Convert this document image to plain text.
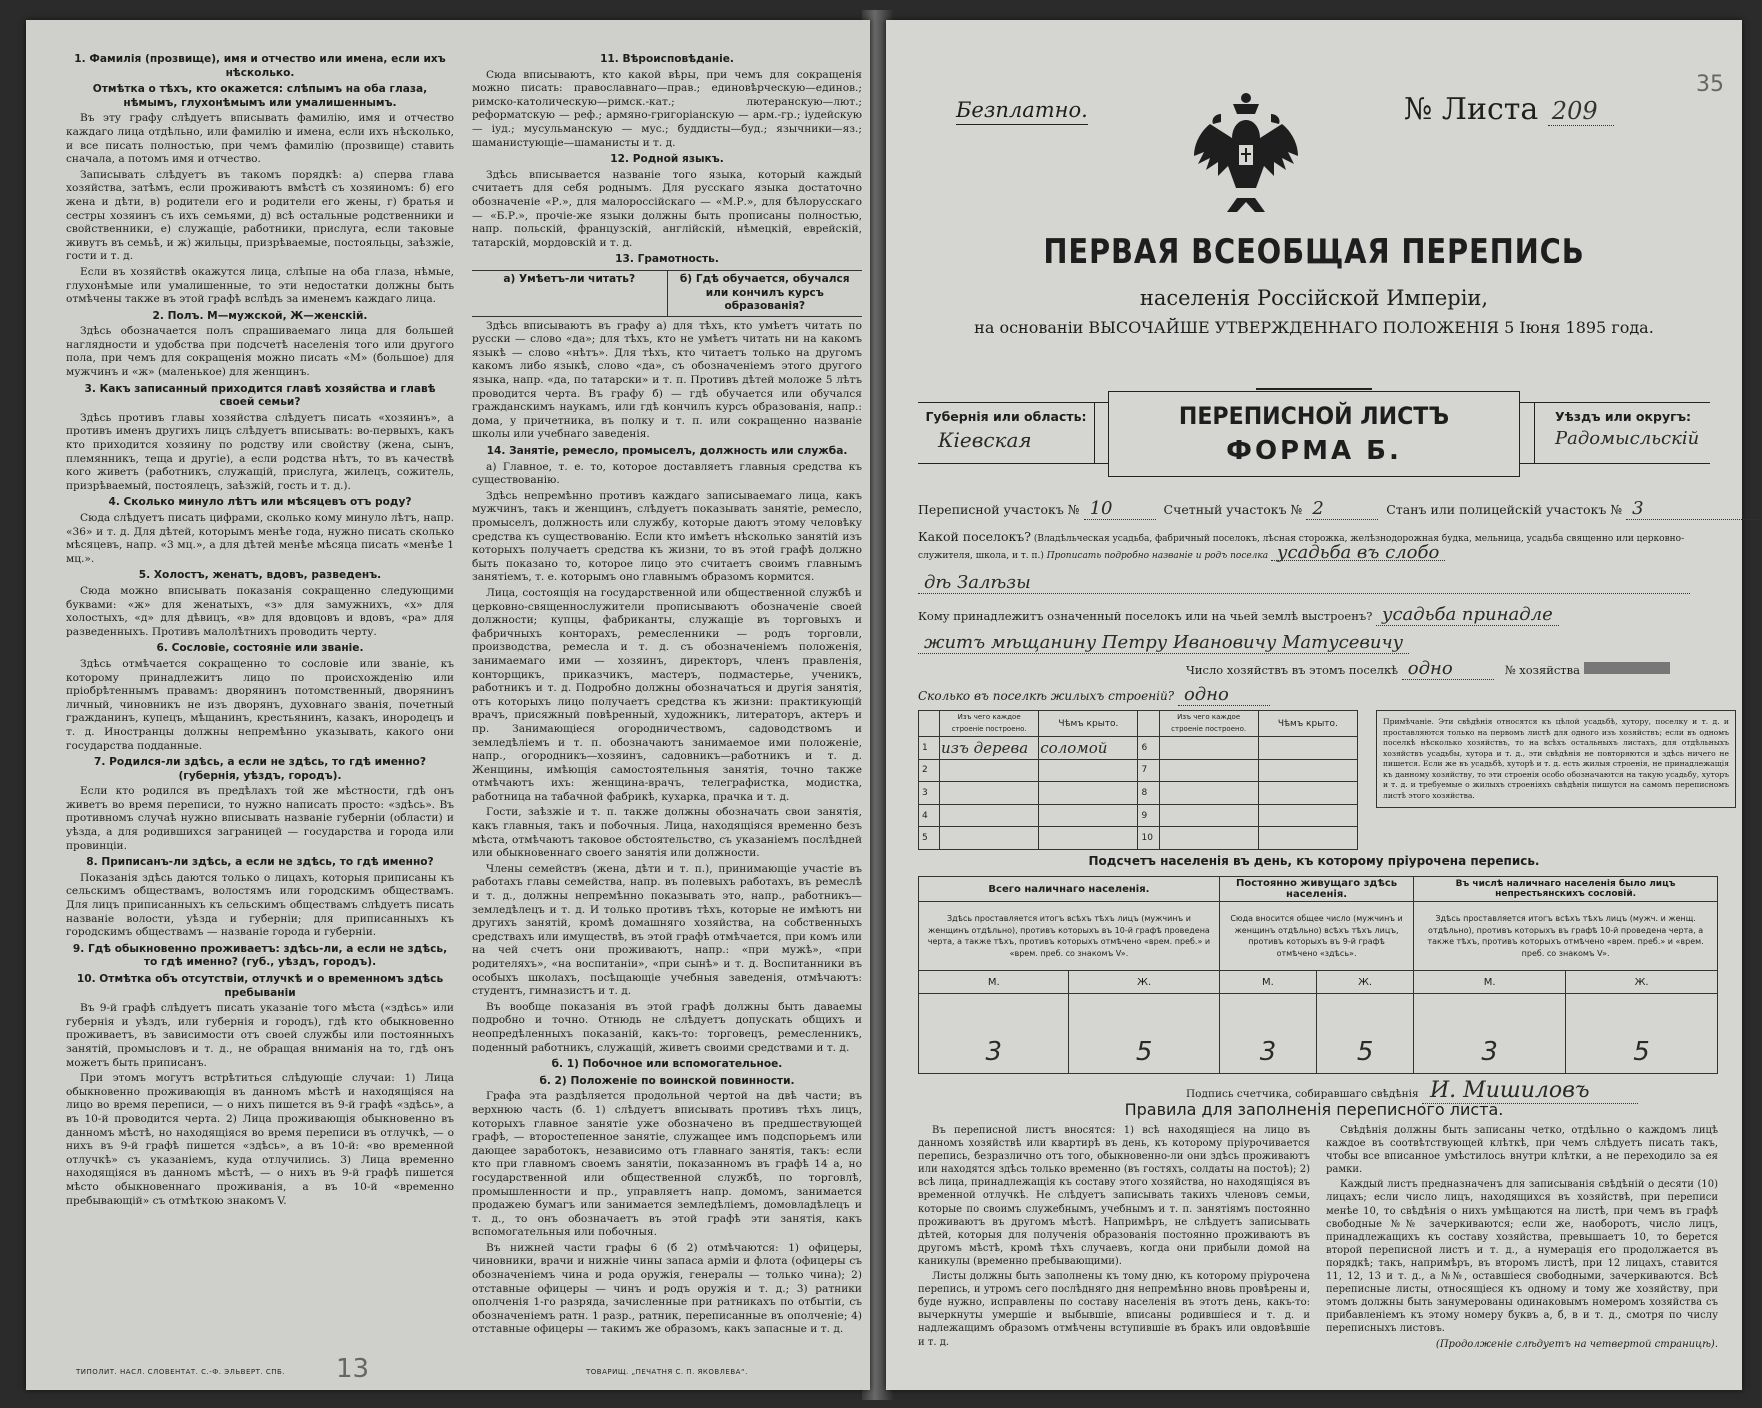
1. Фамилія (прозвище), имя и отчество или имена, если ихъ нѣсколько.
Отмѣтка о тѣхъ, кто окажется: слѣпымъ на оба глаза, нѣмымъ, глухонѣмымъ или умалишеннымъ.
Въ эту графу слѣдуетъ вписывать фамилію, имя и отчество каждаго лица отдѣльно, или фамилію и имена, если ихъ нѣсколько, и все писать полностью, при чемъ фамилію (прозвище) ставить сначала, а потомъ имя и отчество.
Записывать слѣдуетъ въ такомъ порядкѣ: а) сперва глава хозяйства, затѣмъ, если проживаютъ вмѣстѣ съ хозяиномъ: б) его жена и дѣти, в) родители его и родители его жены, г) братья и сестры хозяинъ съ ихъ семьями, д) всѣ остальные родственники и свойственники, е) служащіе, работники, прислуга, если таковые живутъ въ семьѣ, и ж) жильцы, призрѣваемые, постояльцы, заѣзжіе, гости и т. д.
Если въ хозяйствѣ окажутся лица, слѣпые на оба глаза, нѣмые, глухонѣмые или умалишенные, то эти недостатки должны быть отмѣчены также въ этой графѣ вслѣдъ за именемъ каждаго лица.
2. Полъ. М—мужской, Ж—женскій.
Здѣсь обозначается полъ спрашиваемаго лица для большей наглядности и удобства при подсчетѣ населенія того или другого пола, при чемъ для сокращенія можно писать «М» (большое) для мужчинъ и «ж» (маленькое) для женщинъ.
3. Какъ записанный приходится главѣ хозяйства и главѣ своей семьи?
Здѣсь противъ главы хозяйства слѣдуетъ писать «хозяинъ», а противъ именъ другихъ лицъ слѣдуетъ вписывать: во-первыхъ, какъ кто приходится хозяину по родству или свойству (жена, сынъ, племянникъ, теща и другіе), а если родства нѣтъ, то въ качествѣ кого живетъ (работникъ, служащій, прислуга, жилецъ, сожитель, призрѣваемый, постоялецъ, заѣзжій, гость и т. д.).
4. Сколько минуло лѣтъ или мѣсяцевъ отъ роду?
Сюда слѣдуетъ писать цифрами, сколько кому минуло лѣтъ, напр. «36» и т. д. Для дѣтей, которымъ менѣе года, нужно писать сколько мѣсяцевъ, напр. «3 мц.», а для дѣтей менѣе мѣсяца писать «менѣе 1 мц.».
5. Холостъ, женатъ, вдовъ, разведенъ.
Сюда можно вписывать показанія сокращенно следующими буквами: «ж» для женатыхъ, «з» для замужнихъ, «х» для холостыхъ, «д» для дѣвицъ, «в» для вдовцовъ и вдовъ, «ра» для разведенныхъ. Противъ малолѣтнихъ проводить черту.
6. Сословіе, состояніе или званіе.
Здѣсь отмѣчается сокращенно то сословіе или званіе, къ которому принадлежитъ лицо по происхожденію или пріобрѣтеннымъ правамъ: дворянинъ потомственный, дворянинъ личный, чиновникъ не изъ дворянъ, духовнаго званія, почетный гражданинъ, купецъ, мѣщанинъ, крестьянинъ, казакъ, инородецъ и т. д. Иностранцы должны непремѣнно указывать, какого они государства подданные.
7. Родился-ли здѣсь, а если не здѣсь, то гдѣ именно? (губернія, уѣздъ, городъ).
Если кто родился въ предѣлахъ той же мѣстности, гдѣ онъ живетъ во время переписи, то нужно написать просто: «здѣсь». Въ противномъ случаѣ нужно вписывать названіе губерніи (области) и уѣзда, а для родившихся заграницей — государства и города или провинціи.
8. Приписанъ-ли здѣсь, а если не здѣсь, то гдѣ именно?
Показанія здѣсь даются только о лицахъ, которыя приписаны къ сельскимъ обществамъ, волостямъ или городскимъ обществамъ. Для лицъ приписанныхъ къ сельскимъ обществамъ слѣдуетъ писать названіе волости, уѣзда и губерніи; для приписанныхъ къ городскимъ обществамъ — названіе города и губерніи.
9. Гдѣ обыкновенно проживаетъ: здѣсь-ли, а если не здѣсь, то гдѣ именно? (губ., уѣздъ, городъ).
10. Отмѣтка объ отсутствіи, отлучкѣ и о временномъ здѣсь пребываніи
Въ 9-й графѣ слѣдуетъ писать указаніе того мѣста («здѣсь» или губернія и уѣздъ, или губернія и городъ), гдѣ кто обыкновенно проживаетъ, въ зависимости отъ своей службы или постоянныхъ занятій, промысловъ и т. д., не обращая вниманія на то, гдѣ онъ можетъ быть приписанъ.
При этомъ могутъ встрѣтиться слѣдующіе случаи: 1) Лица обыкновенно проживающія въ данномъ мѣстѣ и находящіяся на лицо во время переписи, — о нихъ пишется въ 9-й графѣ «здѣсь», а въ 10-й проводится черта. 2) Лица проживающія обыкновенно въ данномъ мѣстѣ, но находящіяся во время переписи въ отлучкѣ, — о нихъ въ 9-й графѣ пишется «здѣсь», а въ 10-й: «во временной отлучкѣ» съ указаніемъ, куда отлучились. 3) Лица временно находящіяся въ данномъ мѣстѣ, — о нихъ въ 9-й графѣ пишется мѣсто обыкновеннаго проживанія, а въ 10-й «временно пребывающій» съ отмѣткою знакомъ V.
11. Вѣроисповѣданіе.
Сюда вписываютъ, кто какой вѣры, при чемъ для сокращенія можно писать: православнаго—прав.; единовѣрческую—единов.; римско-католическую—римск.-кат.; лютеранскую—лют.; реформатскую — реф.; армяно-григоріанскую — арм.-гр.; іудейскую — іуд.; мусульманскую — мус.; буддисты—буд.; язычники—яз.; шаманистующіе—шаманисты и т. д.
12. Родной языкъ.
Здѣсь вписывается названіе того языка, который каждый считаетъ для себя роднымъ. Для русскаго языка достаточно обозначеніе «Р.», для малороссійскаго — «М.Р.», для бѣлорусскаго — «Б.Р.», прочіе-же языки должны быть прописаны полностью, напр. польскій, французскій, англійскій, нѣмецкій, еврейскій, татарскій, мордовскій и т. д.
13. Грамотность.
а) Умѣетъ-ли читать?	б) Гдѣ обучается, обучался или кончилъ курсъ образованія?
Здѣсь вписываютъ въ графу а) для тѣхъ, кто умѣетъ читать по русски — слово «да»; для тѣхъ, кто не умѣетъ читать ни на какомъ языкѣ — слово «нѣтъ». Для тѣхъ, кто читаетъ только на другомъ какомъ либо языкѣ, слово «да», съ обозначеніемъ этого другого языка, напр. «да, по татарски» и т. п. Противъ дѣтей моложе 5 лѣтъ проводится черта. Въ графу б) — гдѣ обучается или обучался гражданскимъ наукамъ, или гдѣ кончилъ курсъ образованія, напр.: дома, у причетника, въ полку и т. п. или сокращенно названіе школы или учебнаго заведенія.
14. Занятіе, ремесло, промыселъ, должность или служба.
а) Главное, т. е. то, которое доставляетъ главныя средства къ существованію.
Здѣсь непремѣнно противъ каждаго записываемаго лица, какъ мужчинъ, такъ и женщинъ, слѣдуетъ показывать занятіе, ремесло, промыселъ, должность или службу, которые даютъ этому человѣку средства къ существованію. Если кто имѣетъ нѣсколько занятій изъ которыхъ получаетъ средства къ жизни, то въ этой графѣ должно быть показано то, которое лицо это считаетъ своимъ главнымъ занятіемъ, т. е. которымъ оно главнымъ образомъ кормится.
Лица, состоящія на государственной или общественной службѣ и церковно-священнослужители прописываютъ обозначеніе своей должности; купцы, фабриканты, служащіе въ торговыхъ и фабричныхъ конторахъ, ремесленники — родъ торговли, производства, ремесла и т. д. съ обозначеніемъ положенія, занимаемаго ими — хозяинъ, директоръ, членъ правленія, конторщикъ, приказчикъ, мастеръ, подмастерье, ученикъ, работникъ и т. д. Подробно должны обозначаться и другія занятія, отъ которыхъ лицо получаетъ средства къ жизни: практикующій врачъ, присяжный повѣренный, художникъ, литераторъ, актеръ и пр. Занимающіеся огородничествомъ, садоводствомъ и земледѣліемъ и т. п. обозначаютъ занимаемое ими положеніе, напр., огородникъ—хозяинъ, садовникъ—работникъ и т. д. Женщины, имѣющія самостоятельныя занятія, точно также отмѣчаютъ ихъ: женщина-врачъ, телеграфистка, модистка, работница на табачной фабрикѣ, кухарка, прачка и т. д.
Гости, заѣзжіе и т. п. также должны обозначать свои занятія, какъ главныя, такъ и побочныя. Лица, находящіяся временно безъ мѣста, отмѣчаютъ таковое обстоятельство, съ указаніемъ послѣдней или обыкновеннаго своего занятія или должности.
Члены семействъ (жена, дѣти и т. п.), принимающіе участіе въ работахъ главы семейства, напр. въ полевыхъ работахъ, въ ремеслѣ и т. д., должны непремѣнно показывать это, напр., работникъ—земледѣлецъ и т. д. И только противъ тѣхъ, которые не имѣютъ ни другихъ занятій, кромѣ домашняго хозяйства, на собственныхъ средствахъ или имуществѣ, въ этой графѣ отмѣчается, при комъ или на чей счетъ они проживаютъ, напр.: «при мужѣ», «при родителяхъ», «на воспитаніи», «при сынѣ» и т. д. Воспитанники въ особыхъ школахъ, посѣщающіе учебныя заведенія, отмѣчаютъ: студентъ, гимназистъ и т. д.
Въ вообще показанія въ этой графѣ должны быть даваемы подробно и точно. Отнюдь не слѣдуетъ допускать общихъ и неопредѣленныхъ показаній, какъ-то: торговецъ, ремесленникъ, поденный работникъ, служащій, живетъ своими средствами и т. д.
б. 1) Побочное или вспомогательное.
б. 2) Положеніе по воинской повинности.
Графа эта раздѣляется продольной чертой на двѣ части; въ верхнюю часть (б. 1) слѣдуетъ вписывать противъ тѣхъ лицъ, которыхъ главное занятіе уже обозначено въ предшествующей графѣ, — второстепенное занятіе, служащее имъ подспорьемъ или дающее заработокъ, независимо отъ главнаго занятія, такъ: если кто при главномъ своемъ занятіи, показанномъ въ графѣ 14 а, но государственной или общественной службѣ, по торговлѣ, промышленности и пр., управляетъ напр. домомъ, занимается продажею бумагъ или занимается земледѣліемъ, домовладѣлецъ и т. д., то онъ обозначаетъ въ этой графѣ эти занятія, какъ вспомогательныя или побочныя.
Въ нижней части графы 6 (б 2) отмѣчаются: 1) офицеры, чиновники, врачи и нижніе чины запаса арміи и флота (офицеры съ обозначеніемъ чина и рода оружія, генералы — только чина); 2) отставные офицеры — чинъ и родъ оружія и т. д.; 3) ратники ополченія 1-го разряда, зачисленные при ратникахъ по отбытіи, съ обозначеніемъ ратн. 1 разр., ратник, переписанные въ ополченіе; 4) отставные офицеры — такимъ же образомъ, какъ запасные и т. д.
ТИПОЛИТ. НАСЛ. СЛОВЕНТАТ. С.-Ф. ЭЛЬВЕРТ. СПБ. 13	ТОВАРИЩ. „ПЕЧАТНЯ С. П. ЯКОВЛЕВА“.
Безплатно.	№ Листа 209
35
ПЕРВАЯ ВСЕОБЩАЯ ПЕРЕПИСЬ
населенія Россійской Имперіи,
на основаніи ВЫСОЧАЙШЕ УТВЕРЖДЕННАГО ПОЛОЖЕНІЯ 5 Іюня 1895 года.
Губернія или область:
Кіевская
ПЕРЕПИСНОЙ ЛИСТЪ
ФОРМА Б.
Уѣздъ или округъ:
Радомысльскій
Переписной участокъ № 10	Счетный участокъ № 2	Станъ или полицейскій участокъ № 3
Какой поселокъ? (Владѣльческая усадьба, фабричный поселокъ, лѣсная сторожка, желѣзнодорожная будка, мельница, усадьба священно или церковно-служителя, школа, и т. п.) Прописать подробно названіе и родъ поселка усадьба въ слобо
дѣ Залѣзы
Кому принадлежитъ означенный поселокъ или на чьей землѣ выстроенъ? усадьба принадле
житъ мѣщанину Петру Ивановичу Матусевичу
Число хозяйствъ въ этомъ поселкѣ одно	№ хозяйства
Сколько въ поселкѣ жилыхъ строеній? одно
	Изъ чего каждое строеніе построено.	Чѣмъ крыто.		Изъ чего каждое строеніе построено.	Чѣмъ крыто.
1	изъ дерева	соломой	6		
2			7		
3			8		
4			9		
5			10		
Примѣчаніе. Эти свѣдѣнія относятся къ цѣлой усадьбѣ, хутору, поселку и т. д. и проставляются только на первомъ листѣ для одного изъ хозяйствъ; если въ одномъ поселкѣ нѣсколько хозяйствъ, то на всѣхъ остальныхъ листахъ, для отдѣльныхъ хозяйствъ усадьбы, хутора и т. д., эти свѣдѣнія не повторяются и здѣсь ничего не пишется. Если же въ усадьбѣ, хуторѣ и т. д. есть жилыя строенія, не принадлежащія къ данному хозяйству, то эти строенія особо обозначаются на такую усадьбу, хуторъ и т. д. и требуемые о жилыхъ строеніяхъ свѣдѣнія пишутся на самомъ переписномъ листѣ этого хозяйства.
Подсчетъ населенія въ день, къ которому пріурочена перепись.
Всего наличнаго населенія.		Постоянно живущаго здѣсь населенія.		Въ числѣ наличнаго населенія было лицъ непрестьянскихъ сословій.	
Здѣсь проставляется итогъ всѣхъ тѣхъ лицъ (мужчинъ и женщинъ отдѣльно), противъ которыхъ въ 10-й графѣ проведена черта, а также тѣхъ, противъ которыхъ отмѣчено «врем. преб.» и «врем. преб. со знакомъ V».		Сюда вносится общее число (мужчинъ и женщинъ отдѣльно) всѣхъ тѣхъ лицъ, противъ которыхъ въ 9-й графѣ отмѣчено «здѣсь».		Здѣсь проставляется итогъ всѣхъ тѣхъ лицъ (мужч. и женщ. отдѣльно), противъ которыхъ въ графѣ 10-й проведена черта, а также тѣхъ, противъ которыхъ отмѣчено «врем. преб.» и «врем. преб. со знакомъ V».	
М.	Ж.	М.	Ж.	М.	Ж.
3	5	3	5	3	5
Подпись счетчика, собиравшаго свѣдѣнія И. Мишиловъ
Правила для заполненія переписного листа.
Въ переписной листъ вносятся: 1) всѣ находящіеся на лицо въ данномъ хозяйствѣ или квартирѣ въ день, къ которому пріурочивается перепись, безразлично отъ того, обыкновенно-ли они здѣсь проживаютъ или находятся здѣсь только временно (въ гостяхъ, солдаты на постоѣ); 2) всѣ лица, принадлежащія къ составу этого хозяйства, но находящіяся въ временной отлучкѣ. Не слѣдуетъ записывать такихъ членовъ семьи, которые по своимъ служебнымъ, учебнымъ и т. п. занятіямъ постоянно проживаютъ въ другомъ мѣстѣ. Напримѣръ, не слѣдуетъ записывать дѣтей, которыя для полученія образованія постоянно проживаютъ въ другомъ мѣстѣ, кромѣ тѣхъ случаевъ, когда они прибыли домой на каникулы (временно пребывающими).
Листы должны быть заполнены къ тому дню, къ которому пріурочена перепись, и утромъ сего послѣдняго дня непремѣнно вновь провѣрены и, буде нужно, исправлены по составу населенія въ этотъ день, какъ-то: вычеркнуты умершіе и выбывшіе, вписаны родившіеся и т. д. и надлежащимъ образомъ отмѣчены вступившіе въ бракъ или овдовѣвшіе и т. д.
Свѣдѣнія должны быть записаны четко, отдѣльно о каждомъ лицѣ каждое въ соотвѣтствующей клѣткѣ, при чемъ слѣдуетъ писать такъ, чтобы все вписанное умѣстилось внутри клѣтки, а не переходило за ея рамки.
Каждый листъ предназначенъ для записыванія свѣдѣній о десяти (10) лицахъ; если число лицъ, находящихся въ хозяйствѣ, при переписи менѣе 10, то свѣдѣнія о нихъ умѣщаются на листѣ, при чемъ въ графѣ свободные №№ зачеркиваются; если же, наоборотъ, число лицъ, принадлежащихъ къ составу хозяйства, превышаетъ 10, то берется второй переписной листъ и т. д., а нумерація его продолжается въ порядкѣ; такъ, напримѣръ, въ второмъ листѣ, при 12 лицахъ, ставится 11, 12, 13 и т. д., а №№, оставшіеся свободными, зачеркиваются. Всѣ переписные листы, относящіеся къ одному и тому же хозяйству, при этомъ должны быть занумерованы одинаковымъ номеромъ хозяйства съ прибавленіемъ къ этому номеру буквъ а, б, в и т. д., смотря по числу переписныхъ листовъ.
(Продолженіе слѣдуетъ на четвертой страницѣ).
